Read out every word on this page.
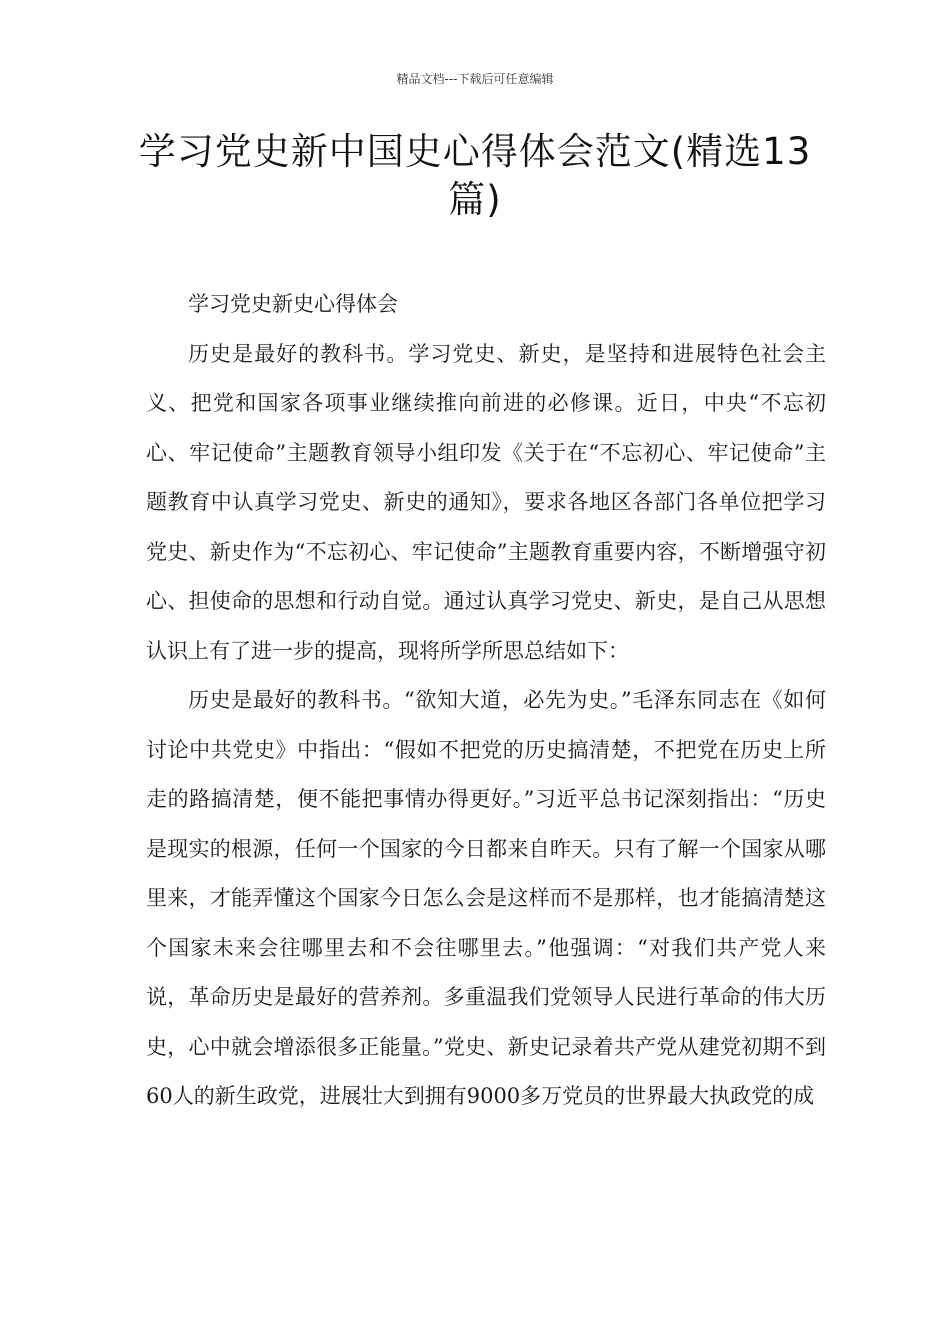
精品文档---下载后可任意编辑
学习党史新中国史心得体会范文(精选13篇)

学习党史新史心得体会

历史是最好的教科书。学习党史、新史，是坚持和进展特色社会主义、把党和国家各项事业继续推向前进的必修课。近日，中央“不忘初心、牢记使命”主题教育领导小组印发《关于在“不忘初心、牢记使命”主题教育中认真学习党史、新史的通知》，要求各地区各部门各单位把学习党史、新史作为“不忘初心、牢记使命”主题教育重要内容，不断增强守初心、担使命的思想和行动自觉。通过认真学习党史、新史，是自己从思想认识上有了进一步的提高，现将所学所思总结如下：

历史是最好的教科书。“欲知大道，必先为史。”毛泽东同志在《如何讨论中共党史》中指出：“假如不把党的历史搞清楚，不把党在历史上所走的路搞清楚，便不能把事情办得更好。”习近平总书记深刻指出：“历史是现实的根源，任何一个国家的今日都来自昨天。只有了解一个国家从哪里来，才能弄懂这个国家今日怎么会是这样而不是那样，也才能搞清楚这个国家未来会往哪里去和不会往哪里去。”他强调：“对我们共产党人来说，革命历史是最好的营养剂。多重温我们党领导人民进行革命的伟大历史，心中就会增添很多正能量。”党史、新史记录着共产党从建党初期不到60人的新生政党，进展壮大到拥有9000多万党员的世界最大执政党的成
